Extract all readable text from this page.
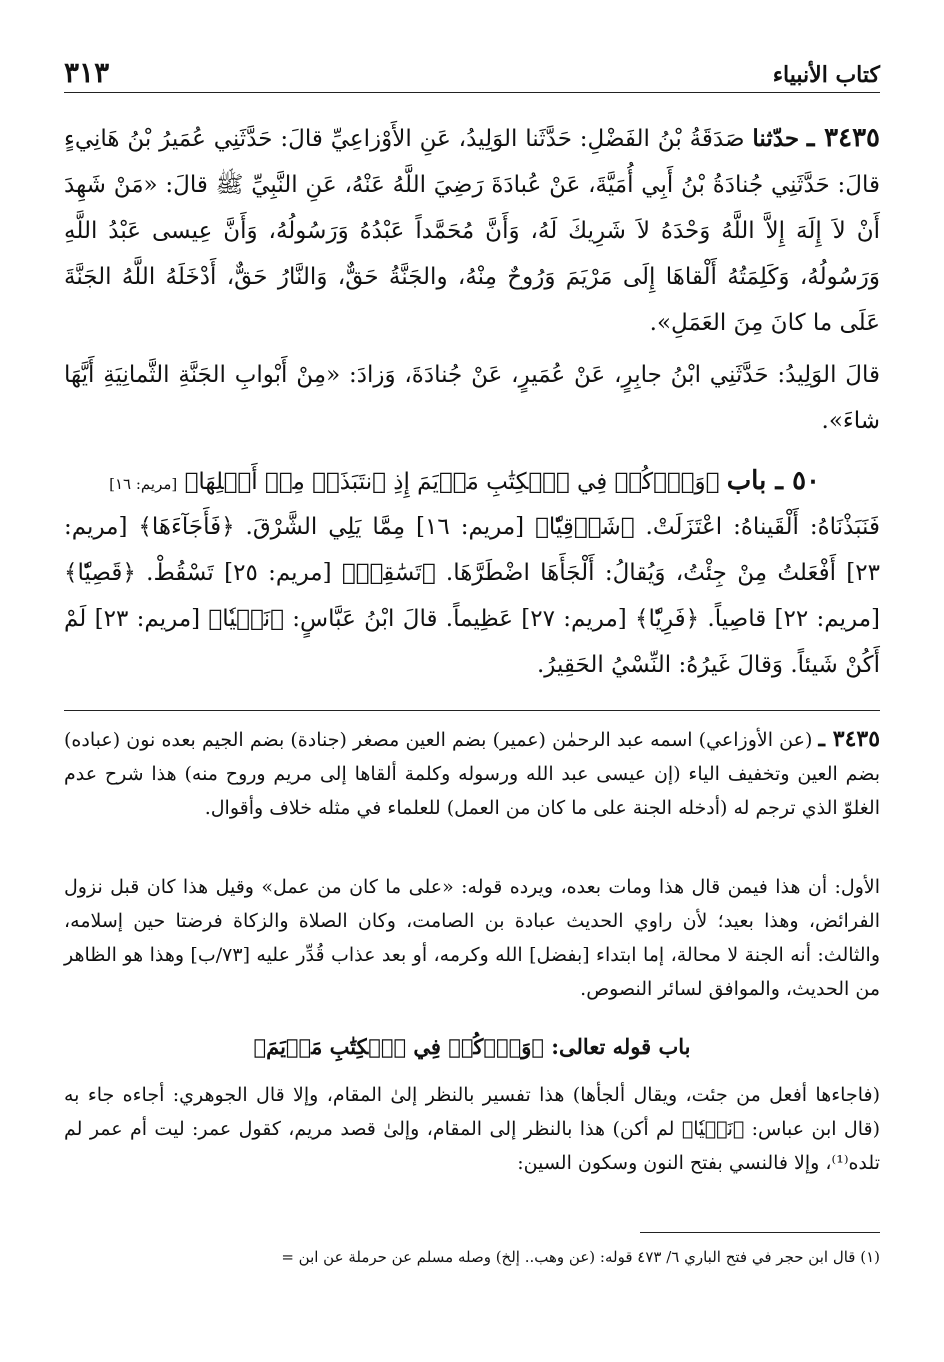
كتاب الأنبياء
٣١٣
٣٤٣٥ ـ حدّثنا صَدَقَةُ بْنُ الفَضْلِ: حَدَّثَنا الوَلِيدُ، عَنِ الأَوْزاعِيِّ قالَ: حَدَّثَنِي عُمَيرُ بْنُ هَانِيءٍ قالَ: حَدَّثَنِي جُنادَةُ بْنُ أَبِي أُمَيَّةَ، عَنْ عُبادَةَ رَضِيَ اللَّهُ عَنْهُ، عَنِ النَّبِيِّ ﷺ قالَ: «مَنْ شَهِدَ أَنْ لاَ إِلَهَ إِلاَّ اللَّهُ وَحْدَهُ لاَ شَرِيكَ لَهُ، وَأَنَّ مُحَمَّداً عَبْدُهُ وَرَسُولُهُ، وَأَنَّ عِيسى عَبْدُ اللَّهِ وَرَسُولُهُ، وَكَلِمَتُهُ أَلْقاهَا إِلَى مَرْيَمَ وَرُوحٌ مِنْهُ، والجَنَّةُ حَقٌّ، وَالنَّارُ حَقٌّ، أَدْخَلَهُ اللَّهُ الجَنَّةَ عَلَى ما كانَ مِنَ العَمَلِ».
قالَ الوَلِيدُ: حَدَّثَنِي ابْنُ جابِرٍ، عَنْ عُمَيرٍ، عَنْ جُنادَةَ، وَزادَ: «مِنْ أَبْوابِ الجَنَّةِ الثَّمانِيَةِ أَيَّهَا شاءَ».
٥٠ ـ باب ﴿وَٱذۡكُرۡ فِي ٱلۡكِتَٰبِ مَرۡيَمَ إِذِ ٱنتَبَذَتۡ مِنۡ أَهۡلِهَا﴾ [مريم: ١٦]
فَنَبَذْنَاهُ: أَلْقَيناهُ: اعْتَزَلَتْ. ﴿شَرۡقِيّٗا﴾ [مريم: ١٦] مِمَّا يَلِي الشَّرْقَ. ﴿فَأَجَآءَهَا﴾ [مريم: ٢٣] أَفْعَلتُ مِنْ جِئْتُ، وَيُقالُ: أَلْجَأَهَا اضْطَرَّهَا. ﴿تَسَٰقِطۡ﴾ [مريم: ٢٥] تَسْقُطْ. ﴿قَصِيّٗا﴾ [مريم: ٢٢] قاصِياً. ﴿فَرِيّٗا﴾ [مريم: ٢٧] عَظِيماً. قالَ ابْنُ عَبَّاسٍ: ﴿نَسۡيٗا﴾ [مريم: ٢٣] لَمْ أَكُنْ شَيئاً. وَقالَ غَيرُهُ: النِّسْيُ الحَقِيرُ.
٣٤٣٥ ـ (عن الأوزاعي) اسمه عبد الرحمٰن (عمير) بضم العين مصغر (جنادة) بضم الجيم بعده نون (عباده) بضم العين وتخفيف الياء (إن عيسى عبد الله ورسوله وكلمة ألقاها إلى مريم وروح منه) هذا شرح عدم الغلوّ الذي ترجم له (أدخله الجنة على ما كان من العمل) للعلماء في مثله خلاف وأقوال.
الأول: أن هذا فيمن قال هذا ومات بعده، ويرده قوله: «على ما كان من عمل» وقيل هذا كان قبل نزول الفرائض، وهذا بعيد؛ لأن راوي الحديث عبادة بن الصامت، وكان الصلاة والزكاة فرضتا حين إسلامه، والثالث: أنه الجنة لا محالة، إما ابتداء [بفضل] الله وكرمه، أو بعد عذاب قُدِّر عليه [٧٣/ب] وهذا هو الظاهر من الحديث، والموافق لسائر النصوص.
باب قوله تعالى: ﴿وَٱذۡكُرۡ فِي ٱلۡكِتَٰبِ مَرۡيَمَ﴾
(فاجاءها أفعل من جئت، ويقال ألجأها) هذا تفسير بالنظر إلىٰ المقام، وإلا قال الجوهري: أجاءه جاء به (قال ابن عباس: ﴿نَسۡيٗا﴾ لم أكن) هذا بالنظر إلى المقام، وإلىٰ قصد مريم، كقول عمر: ليت أم عمر لم تلده⁽¹⁾، وإلا فالنسي بفتح النون وسكون السين:
(١) قال ابن حجر في فتح الباري ٦/ ٤٧٣ قوله: (عن وهب.. إلخ) وصله مسلم عن حرملة عن ابن =
